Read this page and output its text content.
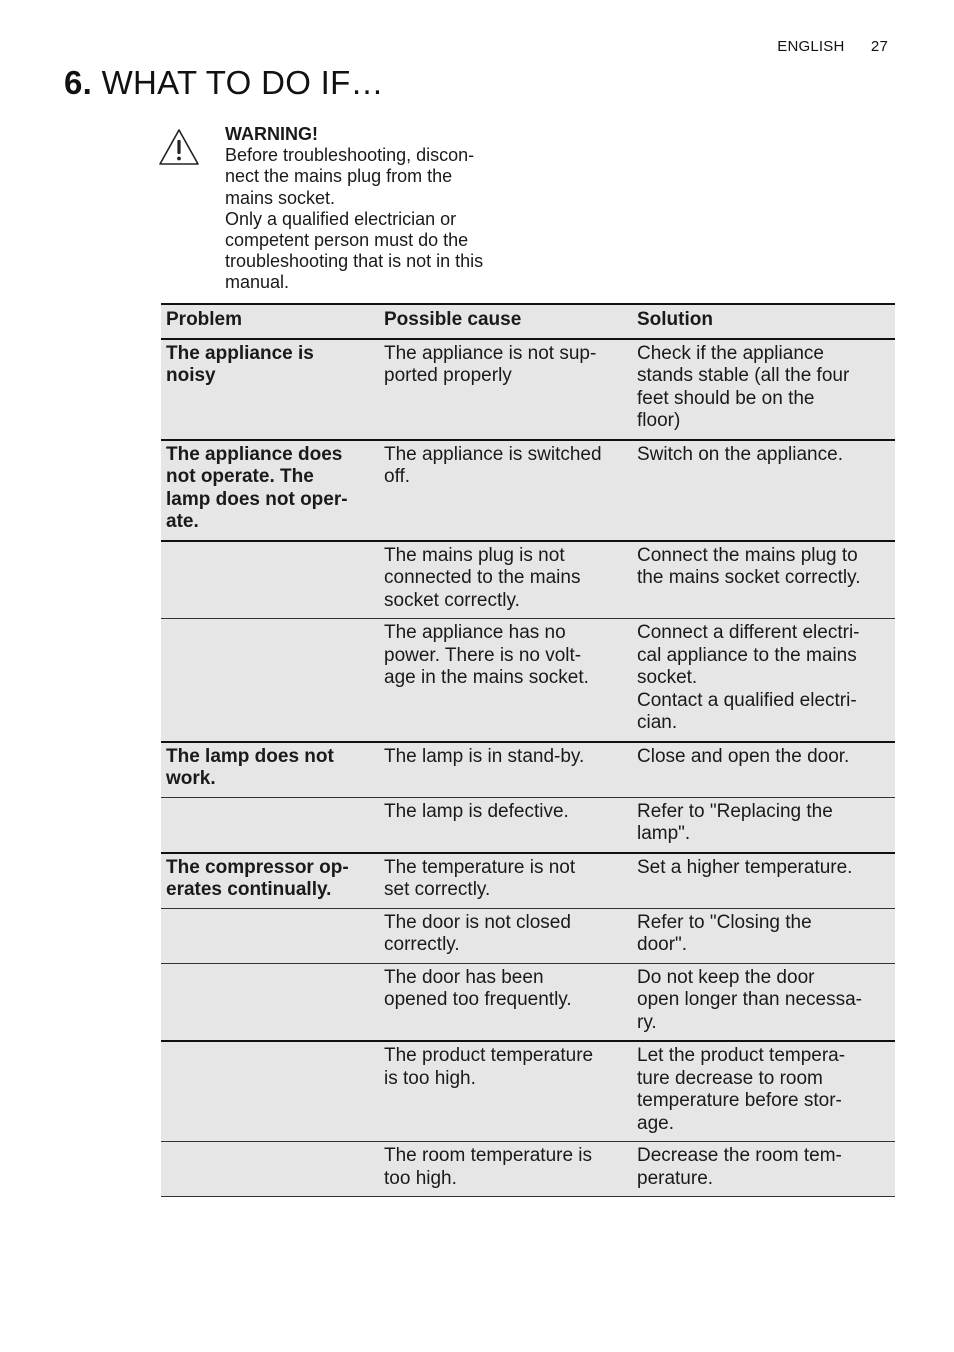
ENGLISH 27
6. WHAT TO DO IF…
WARNING!
Before troubleshooting, discon-
nect the mains plug from the
mains socket.
Only a qualified electrician or
competent person must do the
troubleshooting that is not in this
manual.
Problem	Possible cause	Solution

The appliance is
noisy	The appliance is not sup-
ported properly	Check if the appliance
stands stable (all the four
feet should be on the
floor)

The appliance does
not operate. The
lamp does not oper-
ate.	The appliance is switched
off.	Switch on the appliance.

	The mains plug is not
connected to the mains
socket correctly.	Connect the mains plug to
the mains socket correctly.

	The appliance has no
power. There is no volt-
age in the mains socket.	Connect a different electri-
cal appliance to the mains
socket.
Contact a qualified electri-
cian.

The lamp does not
work.	The lamp is in stand-by.	Close and open the door.

	The lamp is defective.	Refer to "Replacing the
lamp".

The compressor op-
erates continually.	The temperature is not
set correctly.	Set a higher temperature.

	The door is not closed
correctly.	Refer to "Closing the
door".

	The door has been
opened too frequently.	Do not keep the door
open longer than necessa-
ry.

	The product temperature
is too high.	Let the product tempera-
ture decrease to room
temperature before stor-
age.

	The room temperature is
too high.	Decrease the room tem-
perature.
